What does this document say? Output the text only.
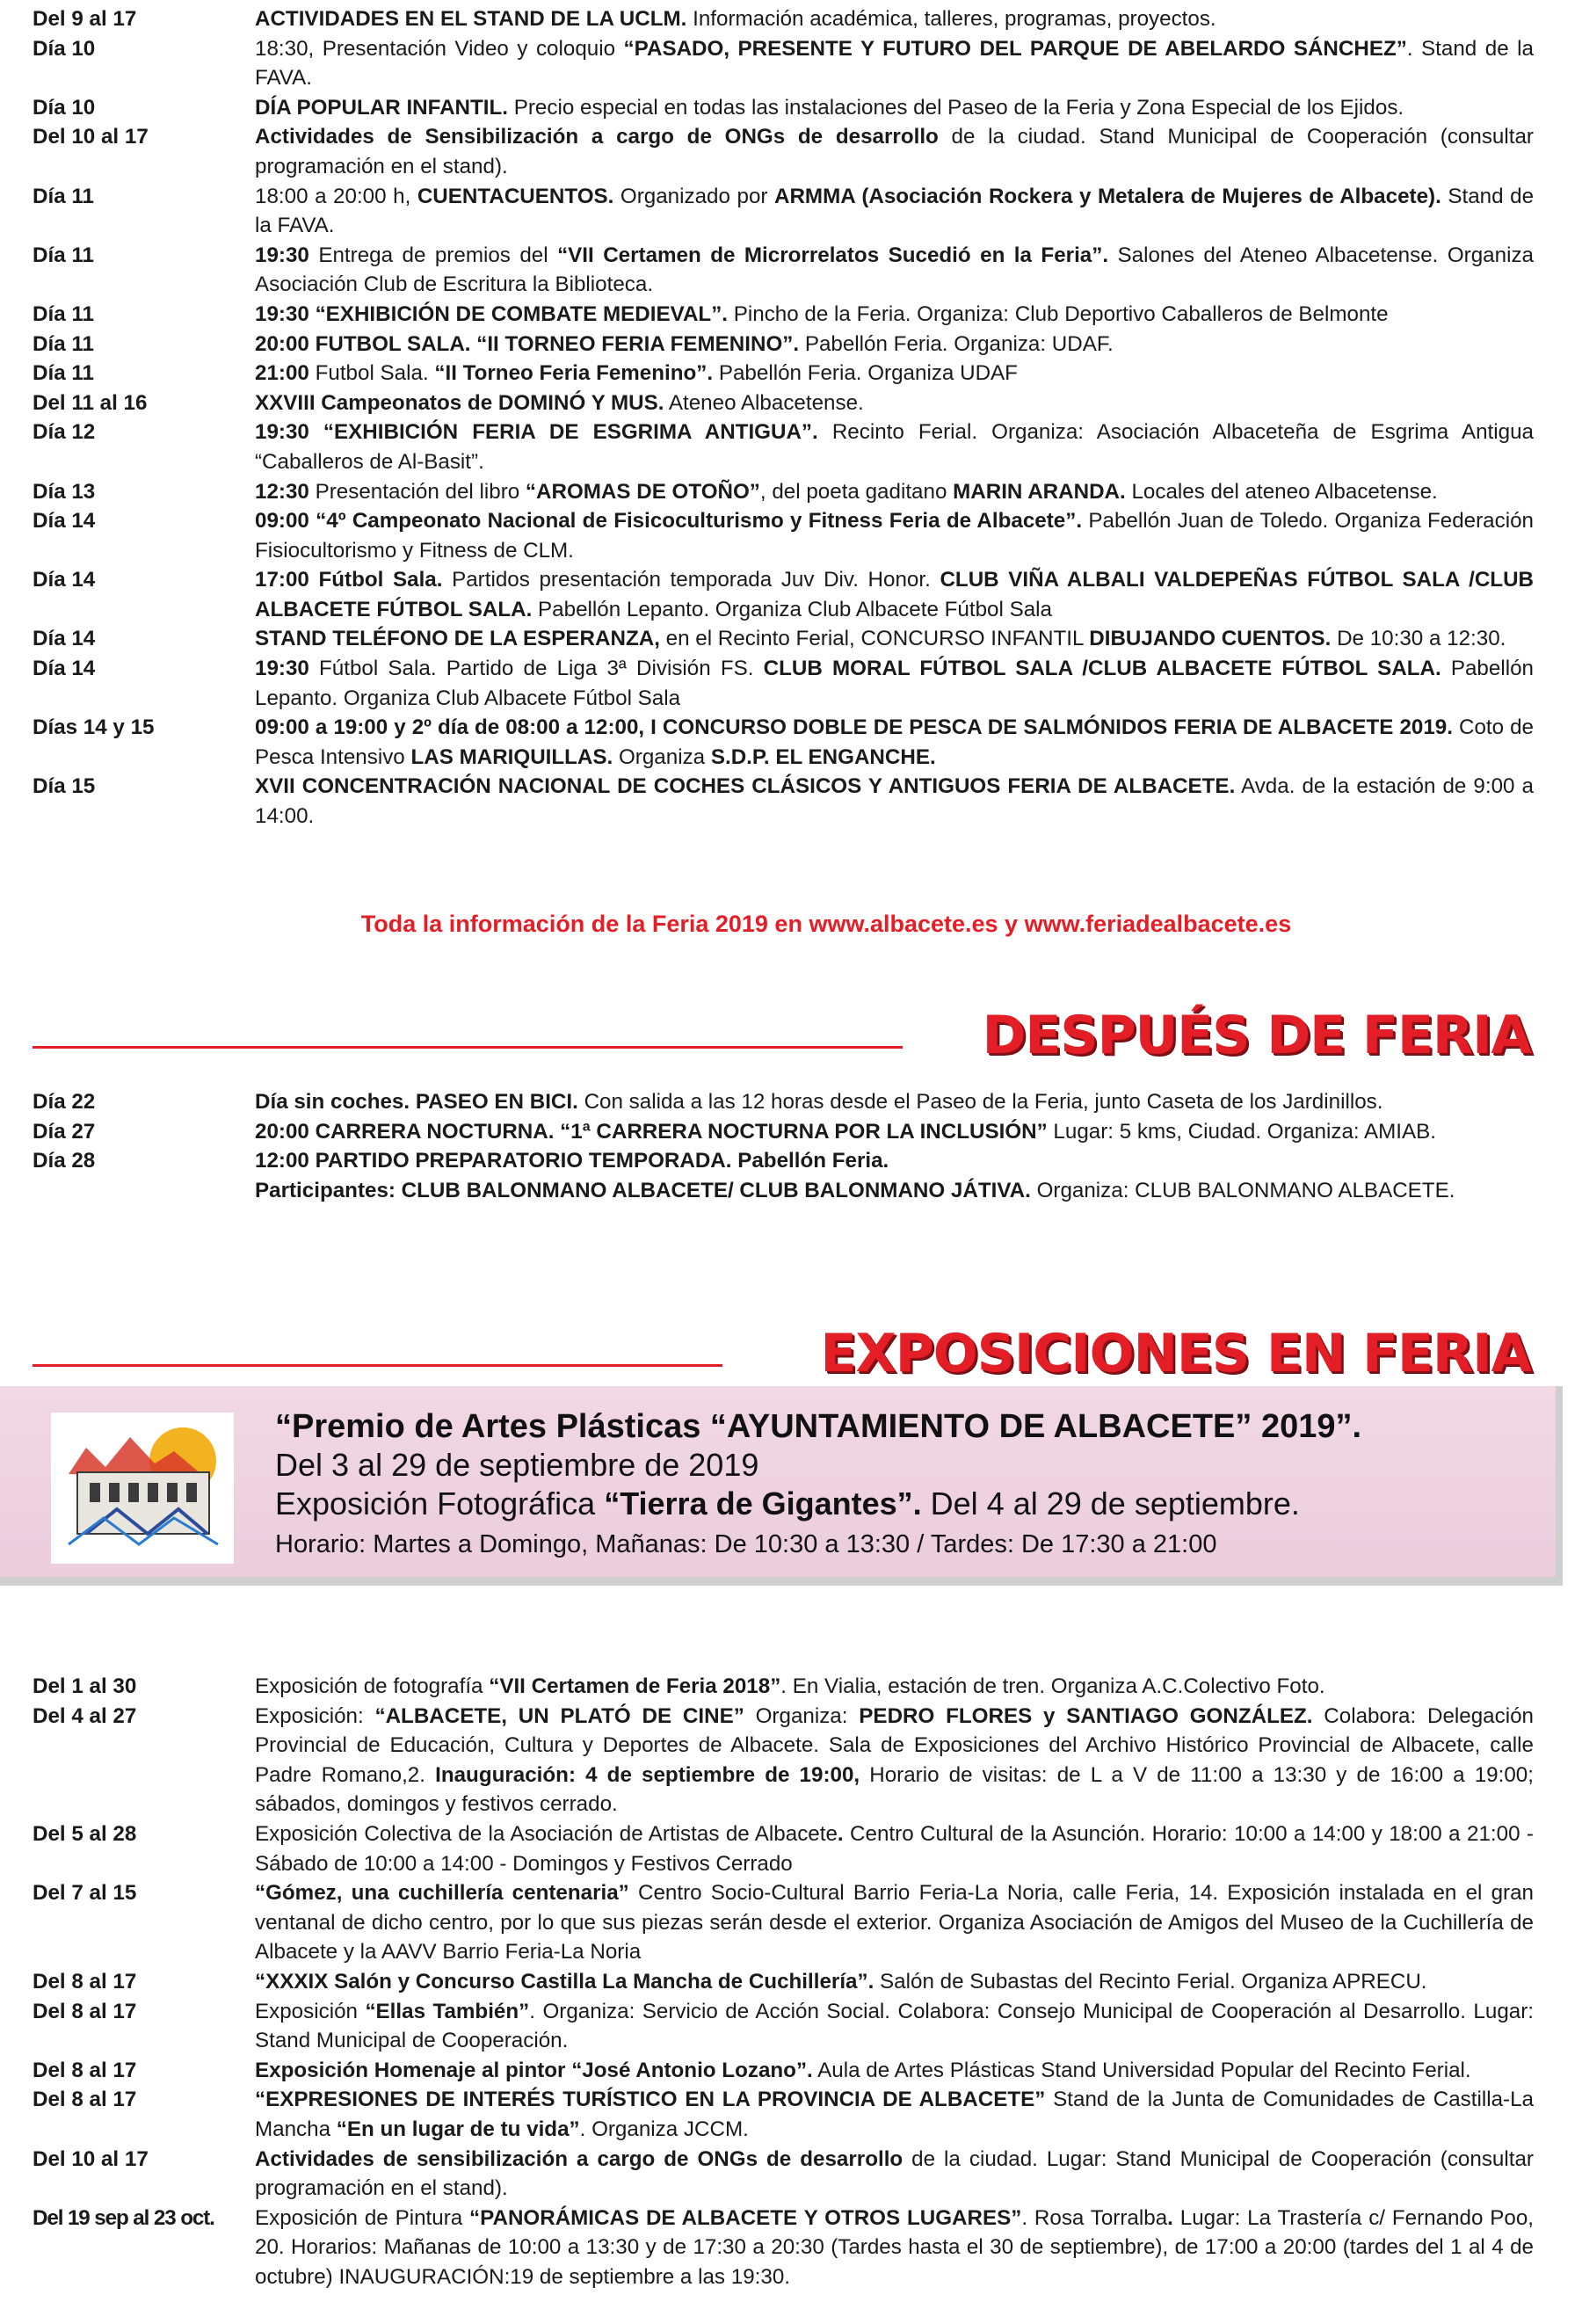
Del 9 al 17	ACTIVIDADES EN EL STAND DE LA UCLM. Información académica, talleres, programas, proyectos.
Día 10	18:30, Presentación Video y coloquio “PASADO, PRESENTE Y FUTURO DEL PARQUE DE ABELARDO SÁNCHEZ”. Stand de la FAVA.
Día 10	DÍA POPULAR INFANTIL. Precio especial en todas las instalaciones del Paseo de la Feria y Zona Especial de los Ejidos.
Del 10 al 17	Actividades de Sensibilización a cargo de ONGs de desarrollo de la ciudad. Stand Municipal de Cooperación (consultar programación en el stand).
Día 11	18:00 a 20:00 h, CUENTACUENTOS. Organizado por ARMMA (Asociación Rockera y Metalera de Mujeres de Albacete). Stand de la FAVA.
Día 11	19:30 Entrega de premios del “VII Certamen de Microrrelatos Sucedió en la Feria”. Salones del Ateneo Albacetense. Organiza Asociación Club de Escritura la Biblioteca.
Día 11	19:30 “EXHIBICIÓN DE COMBATE MEDIEVAL”. Pincho de la Feria. Organiza: Club Deportivo Caballeros de Belmonte
Día 11	20:00 FUTBOL SALA. “II TORNEO FERIA FEMENINO”. Pabellón Feria. Organiza: UDAF.
Día 11	21:00 Futbol Sala. “II Torneo Feria Femenino”. Pabellón Feria. Organiza UDAF
Del 11 al 16	XXVIII Campeonatos de DOMINÓ Y MUS. Ateneo Albacetense.
Día 12	19:30 “EXHIBICIÓN FERIA DE ESGRIMA ANTIGUA”. Recinto Ferial. Organiza: Asociación Albaceteña de Esgrima Antigua “Caballeros de Al-Basit”.
Día 13	12:30 Presentación del libro “AROMAS DE OTOÑO”, del poeta gaditano MARIN ARANDA. Locales del ateneo Albacetense.
Día 14	09:00 “4º Campeonato Nacional de Fisicoculturismo y Fitness Feria de Albacete”. Pabellón Juan de Toledo. Organiza Federación Fisiocultorismo y Fitness de CLM.
Día 14	17:00 Fútbol Sala. Partidos presentación temporada Juv Div. Honor. CLUB VIÑA ALBALI VALDEPEÑAS FÚTBOL SALA /CLUB ALBACETE FÚTBOL SALA. Pabellón Lepanto. Organiza Club Albacete Fútbol Sala
Día 14	STAND TELÉFONO DE LA ESPERANZA, en el Recinto Ferial, CONCURSO INFANTIL DIBUJANDO CUENTOS. De 10:30 a 12:30.
Día 14	19:30 Fútbol Sala. Partido de Liga 3ª División FS. CLUB MORAL FÚTBOL SALA /CLUB ALBACETE FÚTBOL SALA. Pabellón Lepanto. Organiza Club Albacete Fútbol Sala
Días 14 y 15	09:00 a 19:00 y 2º día de 08:00 a 12:00, I CONCURSO DOBLE DE PESCA DE SALMÓNIDOS FERIA DE ALBACETE 2019. Coto de Pesca Intensivo LAS MARIQUILLAS. Organiza S.D.P. EL ENGANCHE.
Día 15	XVII CONCENTRACIÓN NACIONAL DE COCHES CLÁSICOS Y ANTIGUOS FERIA DE ALBACETE. Avda. de la estación de 9:00 a 14:00.
Toda la información de la Feria 2019 en www.albacete.es y www.feriadealbacete.es
DESPUÉS DE FERIA
Día 22	Día sin coches. PASEO EN BICI. Con salida a las 12 horas desde el Paseo de la Feria, junto Caseta de los Jardinillos.
Día 27	20:00 CARRERA NOCTURNA. “1ª CARRERA NOCTURNA POR LA INCLUSIÓN” Lugar: 5 kms, Ciudad. Organiza: AMIAB.
Día 28	12:00 PARTIDO PREPARATORIO TEMPORADA. Pabellón Feria.
Participantes: CLUB BALONMANO ALBACETE/ CLUB BALONMANO JÁTIVA. Organiza: CLUB BALONMANO ALBACETE.
EXPOSICIONES EN FERIA
“Premio de Artes Plásticas “AYUNTAMIENTO DE ALBACETE” 2019”.
Del 3 al 29 de septiembre de 2019
Exposición Fotográfica “Tierra de Gigantes”. Del 4 al 29 de septiembre.
Horario: Martes a Domingo, Mañanas: De 10:30 a 13:30 / Tardes: De 17:30 a 21:00
Del 1 al 30	Exposición de fotografía “VII Certamen de Feria 2018”. En Vialia, estación de tren. Organiza A.C.Colectivo Foto.
Del 4 al 27	Exposición: “ALBACETE, UN PLATÓ DE CINE” Organiza: PEDRO FLORES y SANTIAGO GONZÁLEZ. Colabora: Delegación Provincial de Educación, Cultura y Deportes de Albacete. Sala de Exposiciones del Archivo Histórico Provincial de Albacete, calle Padre Romano,2. Inauguración: 4 de septiembre de 19:00, Horario de visitas: de L a V de 11:00 a 13:30 y de 16:00 a 19:00; sábados, domingos y festivos cerrado.
Del 5 al 28	Exposición Colectiva de la Asociación de Artistas de Albacete. Centro Cultural de la Asunción. Horario: 10:00 a 14:00 y 18:00 a 21:00 - Sábado de 10:00 a 14:00 - Domingos y Festivos Cerrado
Del 7 al 15	“Gómez, una cuchillería centenaria” Centro Socio-Cultural Barrio Feria-La Noria, calle Feria, 14. Exposición instalada en el gran ventanal de dicho centro, por lo que sus piezas serán desde el exterior. Organiza Asociación de Amigos del Museo de la Cuchillería de Albacete y la AAVV Barrio Feria-La Noria
Del 8 al 17	“XXXIX Salón y Concurso Castilla La Mancha de Cuchillería”. Salón de Subastas del Recinto Ferial. Organiza APRECU.
Del 8 al 17	Exposición “Ellas También”. Organiza: Servicio de Acción Social. Colabora: Consejo Municipal de Cooperación al Desarrollo. Lugar: Stand Municipal de Cooperación.
Del 8 al 17	Exposición Homenaje al pintor “José Antonio Lozano”. Aula de Artes Plásticas Stand Universidad Popular del Recinto Ferial.
Del 8 al 17	“EXPRESIONES DE INTERÉS TURÍSTICO EN LA PROVINCIA DE ALBACETE” Stand de la Junta de Comunidades de Castilla-La Mancha “En un lugar de tu vida”. Organiza JCCM.
Del 10 al 17	Actividades de sensibilización a cargo de ONGs de desarrollo de la ciudad. Lugar: Stand Municipal de Cooperación (consultar programación en el stand).
Del 19 sep al 23 oct.	Exposición de Pintura “PANORÁMICAS DE ALBACETE Y OTROS LUGARES”. Rosa Torralba. Lugar: La Trastería c/ Fernando Poo, 20. Horarios: Mañanas de 10:00 a 13:30 y de 17:30 a 20:30 (Tardes hasta el 30 de septiembre), de 17:00 a 20:00 (tardes del 1 al 4 de octubre) INAUGURACIÓN:19 de septiembre a las 19:30.
